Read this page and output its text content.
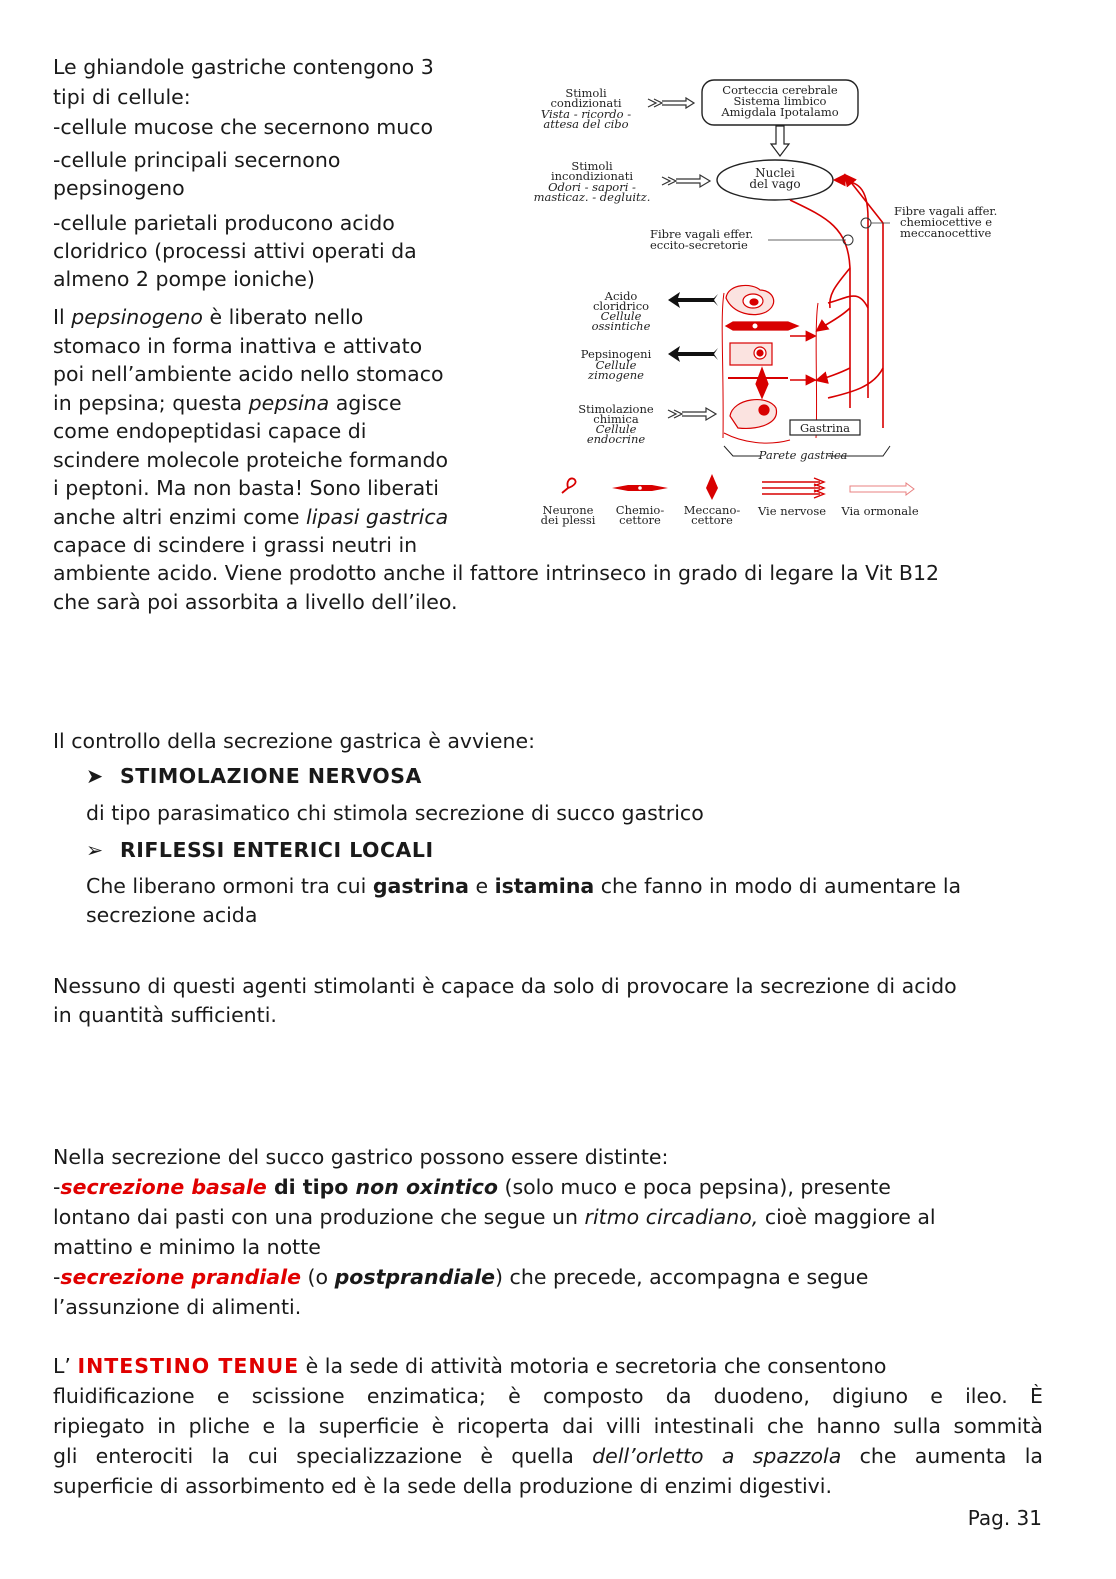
Le ghiandole gastriche contengono 3
tipi di cellule:
-cellule mucose che secernono muco
-cellule principali secernono
pepsinogeno
-cellule parietali producono acido
cloridrico (processi attivi operati da
almeno 2 pompe ioniche)
Il pepsinogeno è liberato nello
stomaco in forma inattiva e attivato
poi nell’ambiente acido nello stomaco
in pepsina; questa pepsina agisce
come endopeptidasi capace di
scindere molecole proteiche formando
i peptoni. Ma non basta! Sono liberati
anche altri enzimi come lipasi gastrica
capace di scindere i grassi neutri in
ambiente acido. Viene prodotto anche il fattore intrinseco in grado di legare la Vit B12
che sarà poi assorbita a livello dell’ileo.
Stimoli
condizionati
Vista - ricordo -
attesa del cibo
Corteccia cerebrale
Sistema limbico
Amigdala Ipotalamo
Stimoli
incondizionati
Odori - sapori -
masticaz. - degluitz.
Nuclei
del vago
Fibre vagali effer.
eccito-secretorie
Fibre vagali affer.
chemiocettive e
meccanocettive
Acido
cloridrico
Cellule
ossintiche
Pepsinogeni
Cellule
zimogene
Stimolazione
chimica
Cellule
endocrine
Gastrina
Parete gastrica
Neurone
dei plessi
Chemio-
cettore
Meccano-
cettore
Vie nervose Via ormonale
Il controllo della secrezione gastrica è avviene:
➤ STIMOLAZIONE NERVOSA
di tipo parasimatico chi stimola secrezione di succo gastrico
➢ RIFLESSI ENTERICI LOCALI
Che liberano ormoni tra cui gastrina e istamina che fanno in modo di aumentare la
secrezione acida
Nessuno di questi agenti stimolanti è capace da solo di provocare la secrezione di acido
in quantità sufficienti.
Nella secrezione del succo gastrico possono essere distinte:
-secrezione basale di tipo non oxintico (solo muco e poca pepsina), presente
lontano dai pasti con una produzione che segue un ritmo circadiano, cioè maggiore al
mattino e minimo la notte
-secrezione prandiale (o postprandiale) che precede, accompagna e segue
l’assunzione di alimenti.
L’ INTESTINO TENUE è la sede di attività motoria e secretoria che consentono
fluidificazione e scissione enzimatica; è composto da duodeno, digiuno e ileo. È
ripiegato in pliche e la superficie è ricoperta dai villi intestinali che hanno sulla sommità
gli enterociti la cui specializzazione è quella dell’orletto a spazzola che aumenta la
superficie di assorbimento ed è la sede della produzione di enzimi digestivi.
Pag. 31
